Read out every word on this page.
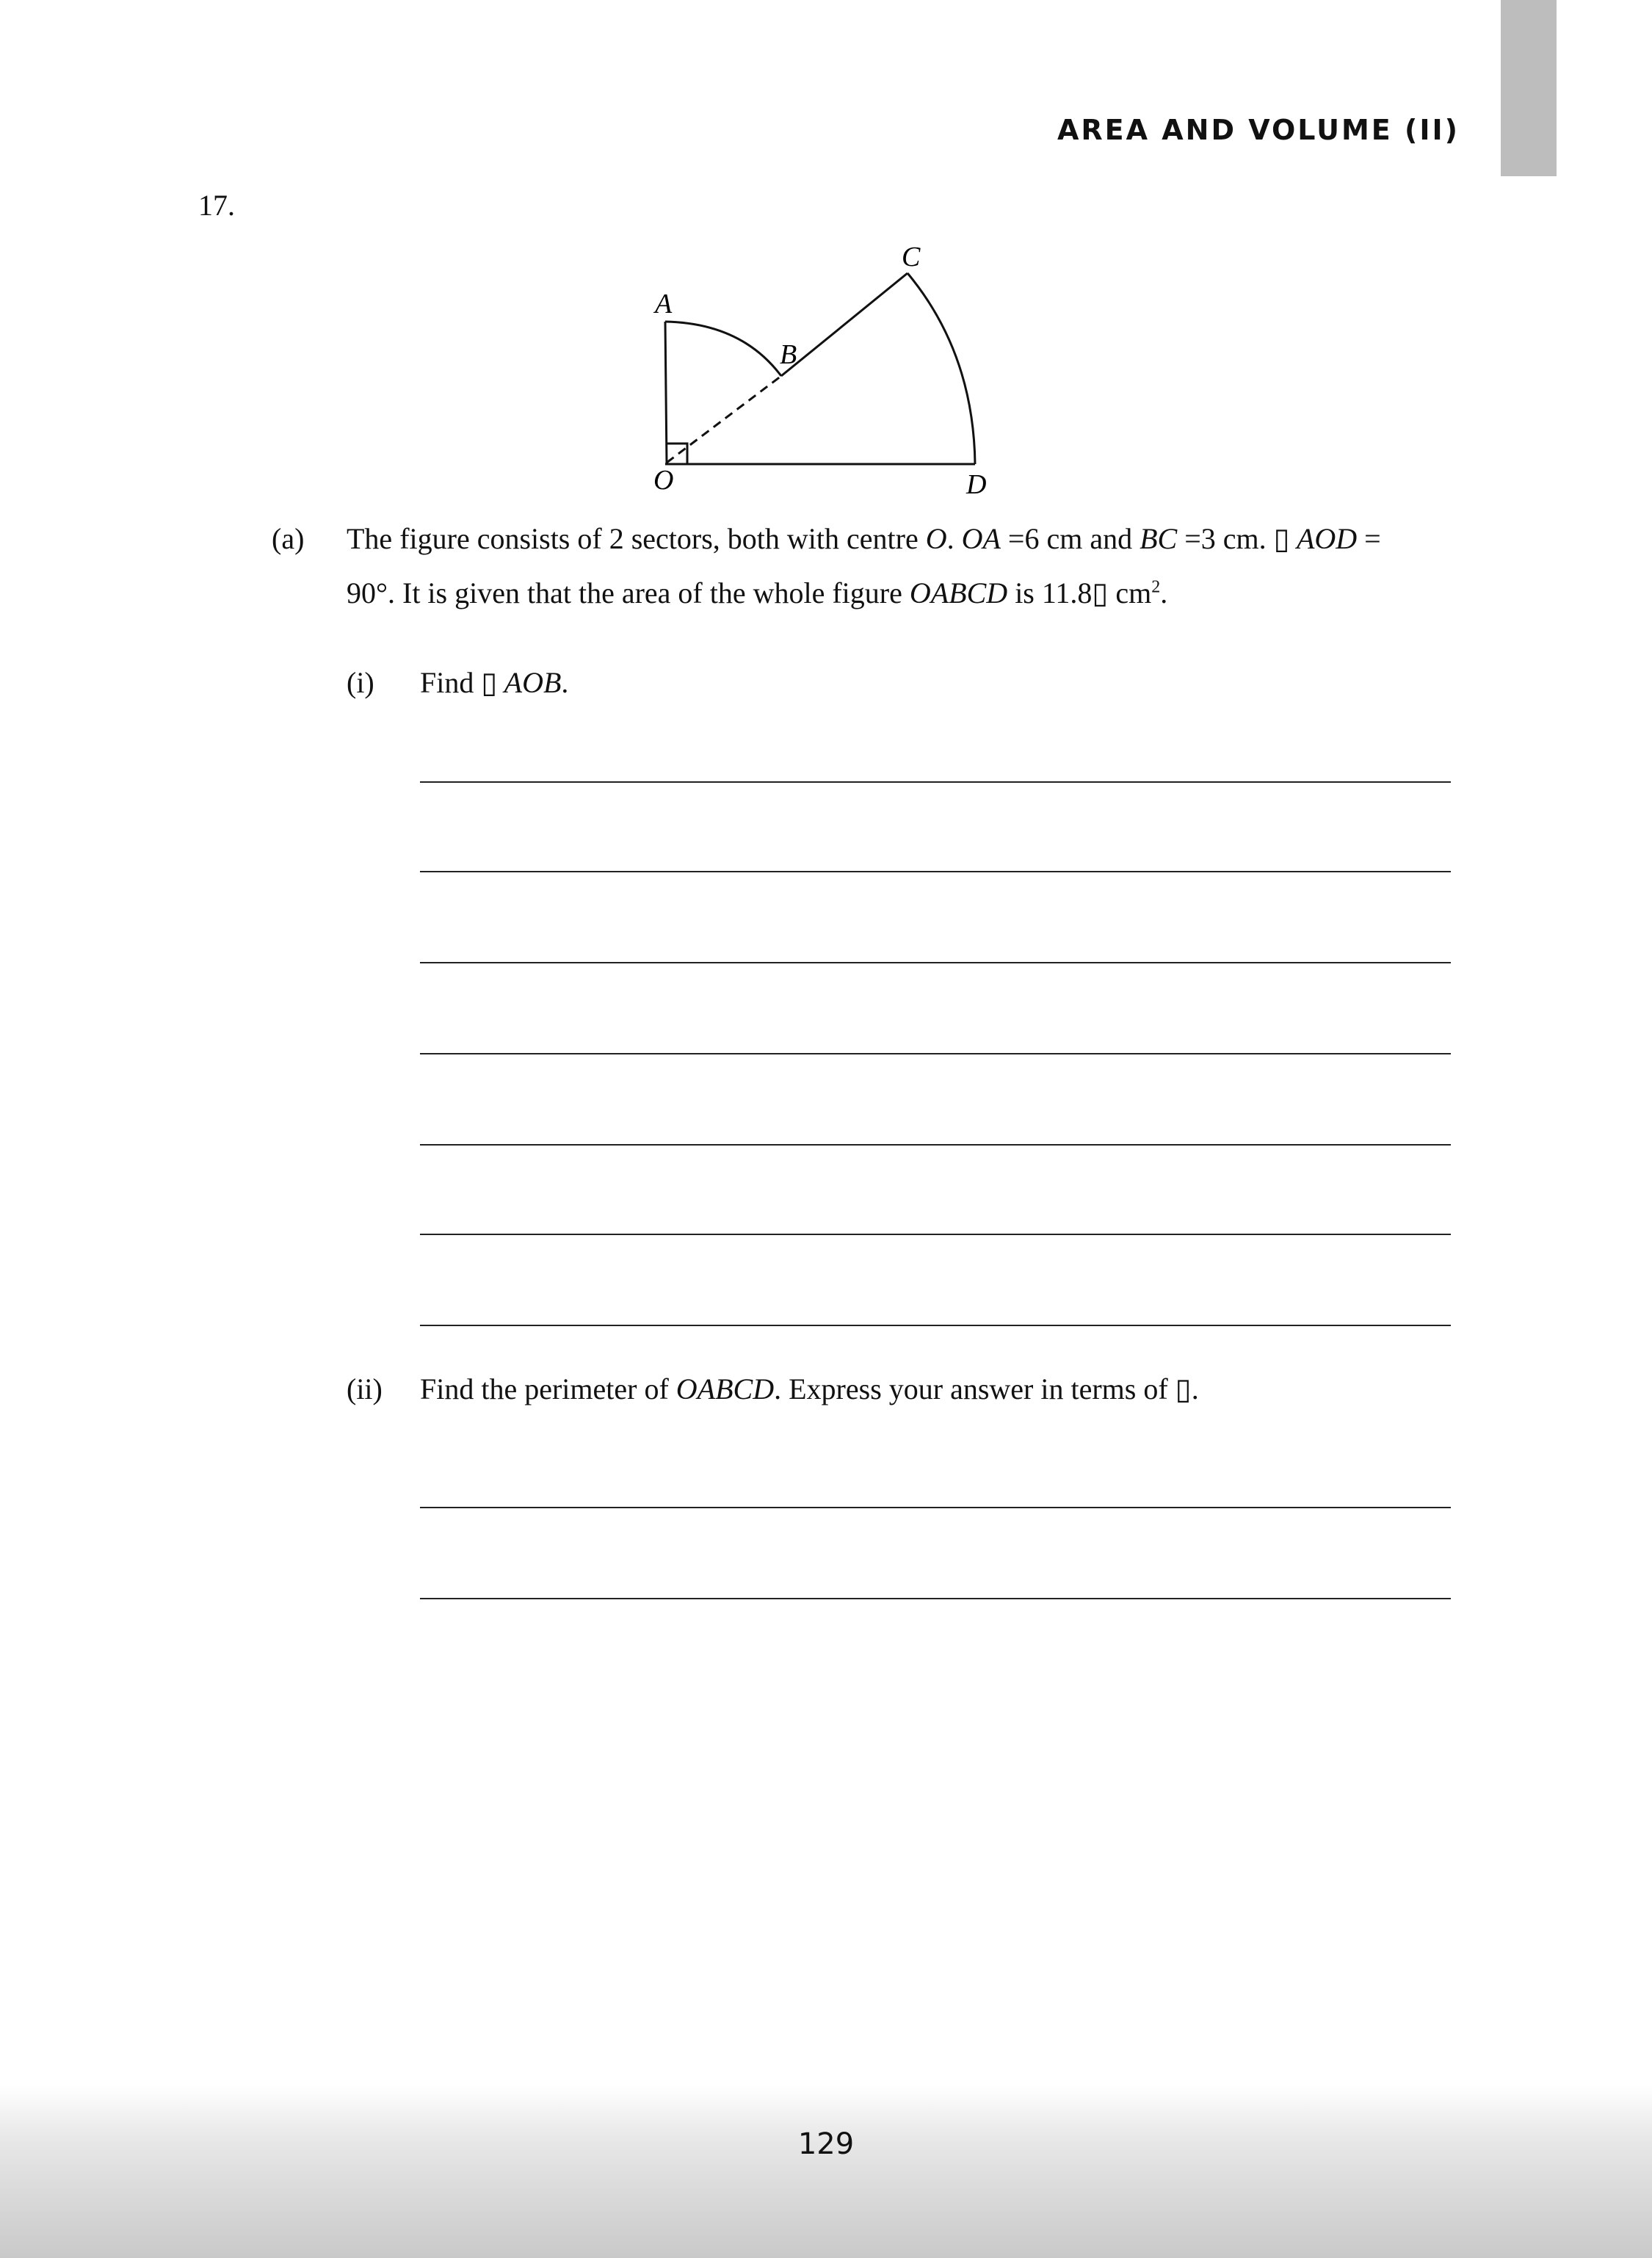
AREA AND VOLUME (II)
17.
A
B
C
O	D
(a) The figure consists of 2 sectors, both with centre O. OA =6 cm and BC =3 cm. ▯ AOD =
90°. It is given that the area of the whole figure OABCD is 11.8▯ $cm^2$.
(i) Find ▯ AOB.
(ii) Find the perimeter of OABCD. Express your answer in terms of ▯.
129
